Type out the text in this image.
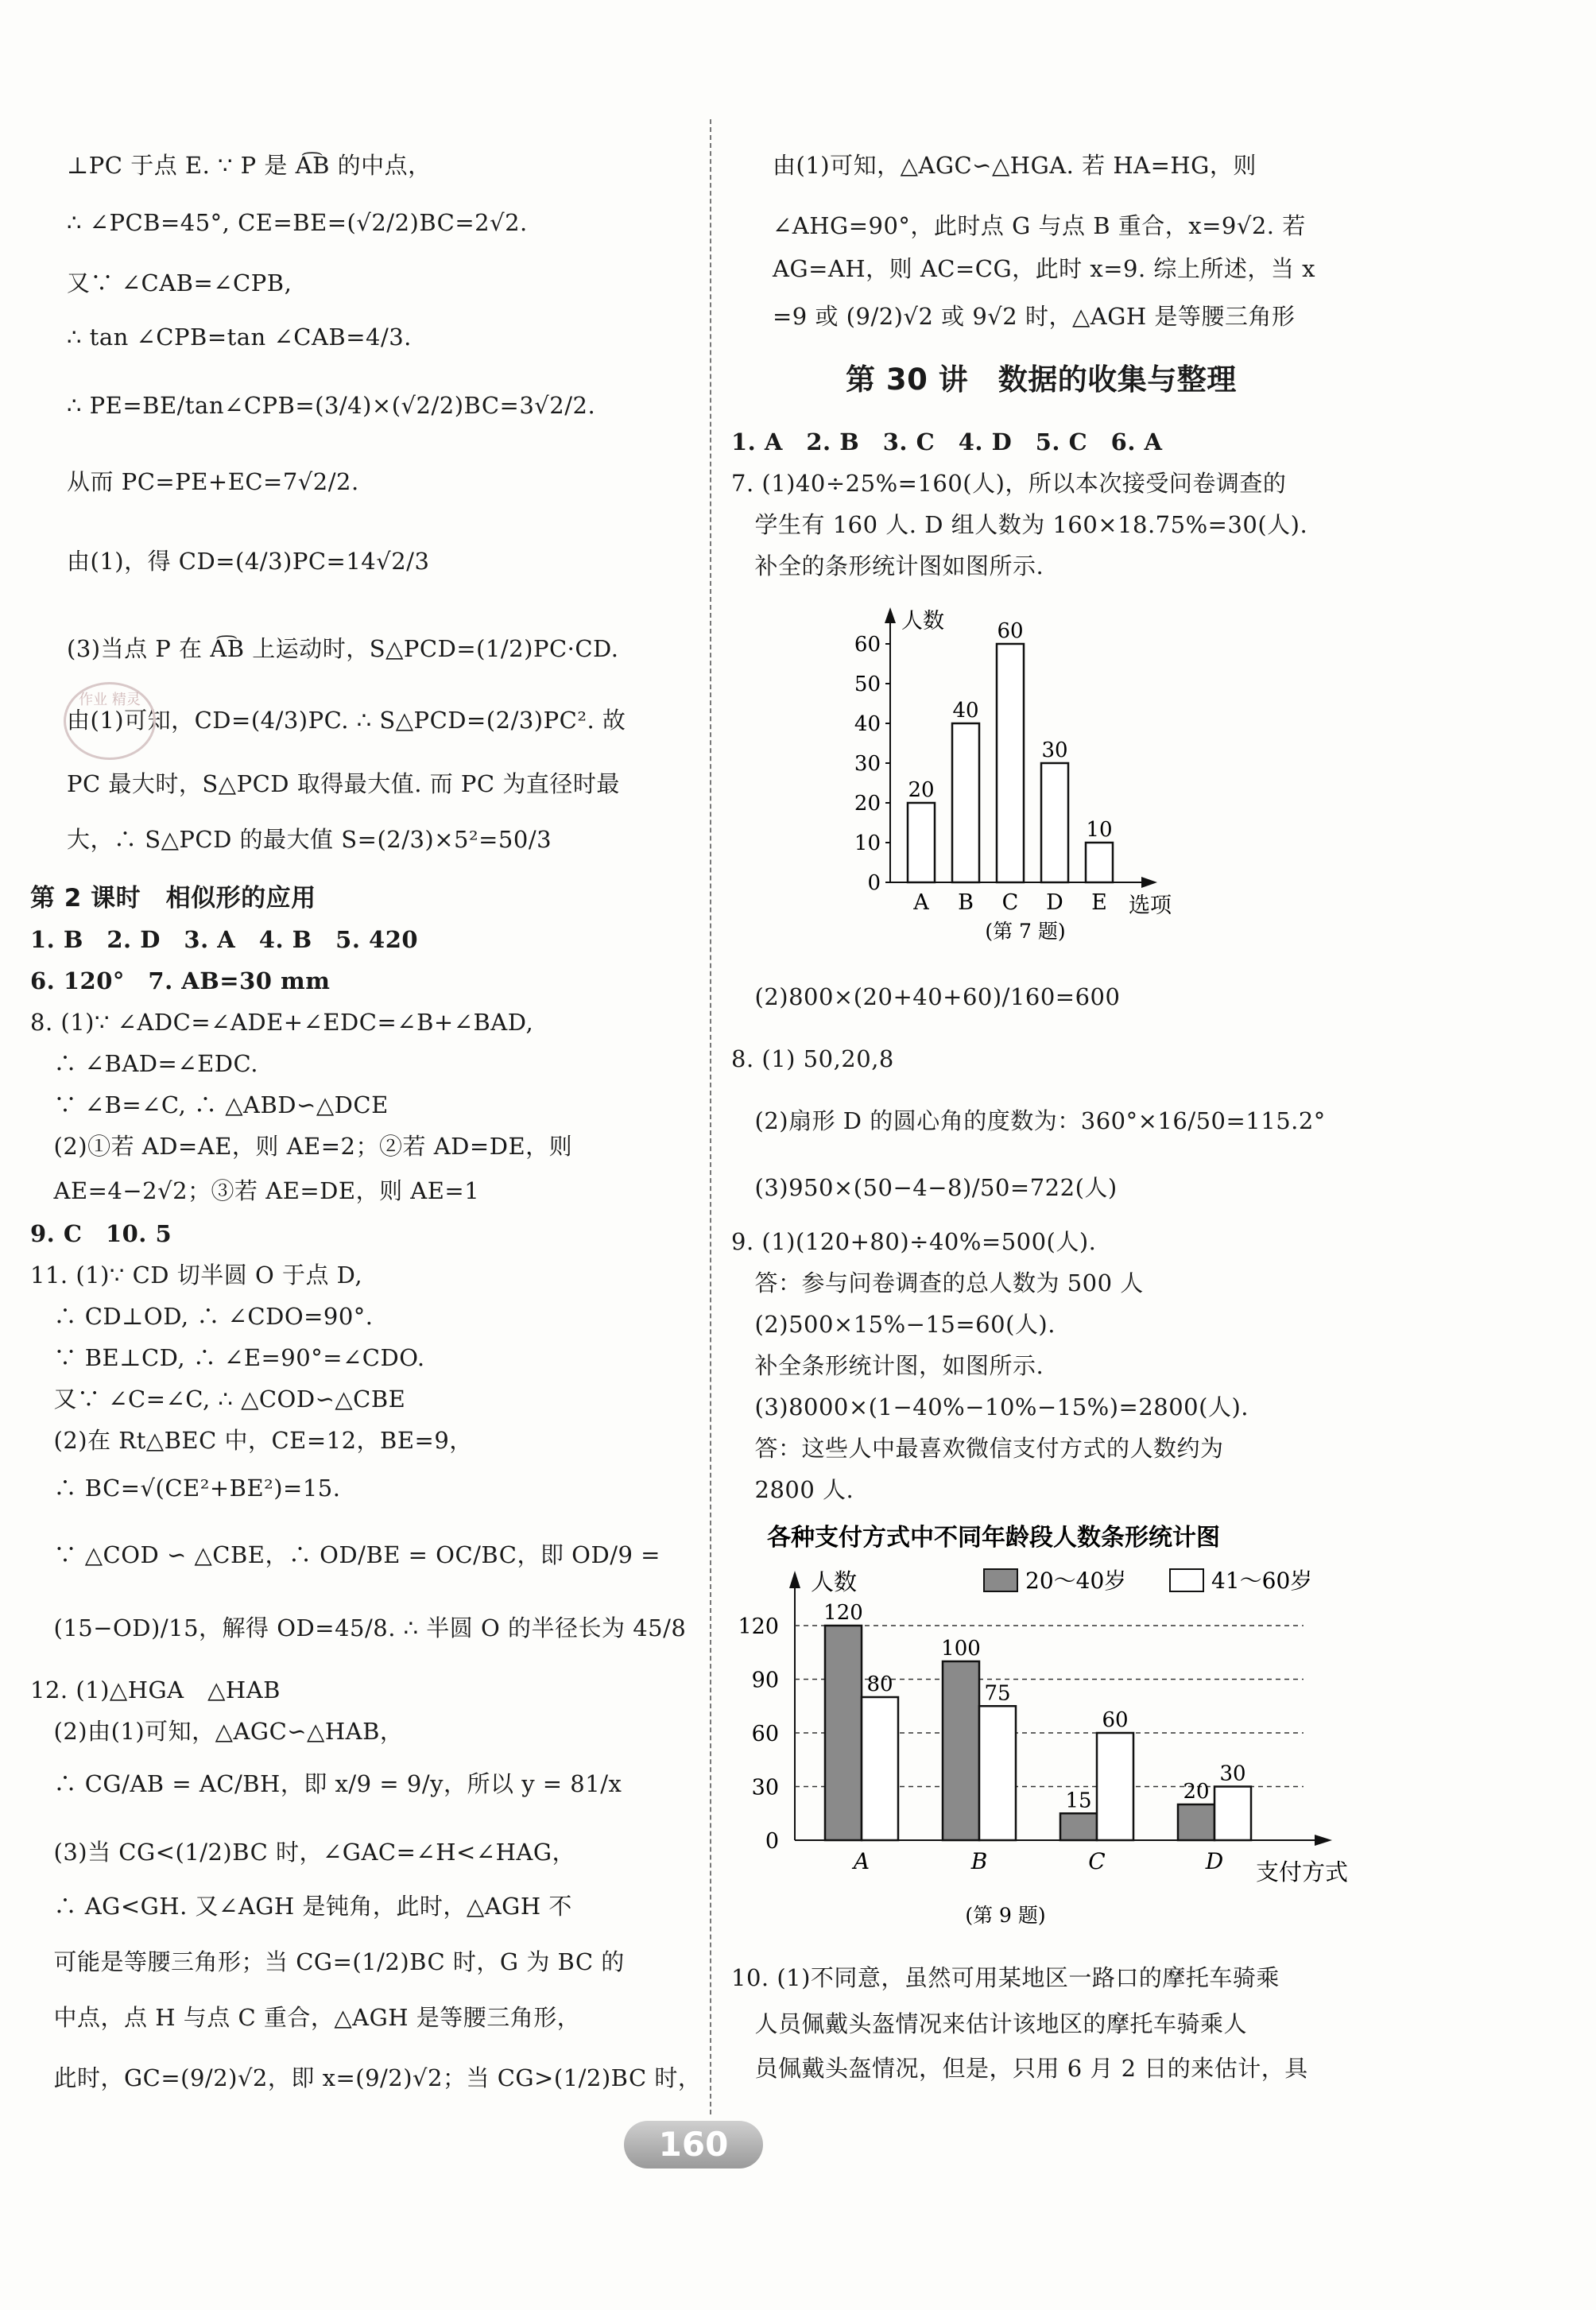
⊥PC 于点 E. ∵ P 是 A͡B 的中点，
∴ ∠PCB=45°, CE=BE=(√2/2)BC=2√2.
又∵ ∠CAB=∠CPB,
∴ tan ∠CPB=tan ∠CAB=4/3.
∴ PE=BE/tan∠CPB=(3/4)×(√2/2)BC=3√2/2.
从而 PC=PE+EC=7√2/2.
由(1)，得 CD=(4/3)PC=14√2/3
(3)当点 P 在 A͡B 上运动时，S△PCD=(1/2)PC·CD.
由(1)可知，CD=(4/3)PC. ∴ S△PCD=(2/3)PC². 故
PC 最大时，S△PCD 取得最大值. 而 PC 为直径时最
大，∴ S△PCD 的最大值 S=(2/3)×5²=50/3
第 2 课时　相似形的应用
1. B　2. D　3. A　4. B　5. 420
6. 120°　7. AB=30 mm
8. (1)∵ ∠ADC=∠ADE+∠EDC=∠B+∠BAD,
　∴ ∠BAD=∠EDC.
　∵ ∠B=∠C, ∴ △ABD∽△DCE
　(2)①若 AD=AE，则 AE=2；②若 AD=DE，则
　AE=4−2√2；③若 AE=DE，则 AE=1
9. C　10. 5
11. (1)∵ CD 切半圆 O 于点 D,
　∴ CD⊥OD, ∴ ∠CDO=90°.
　∵ BE⊥CD, ∴ ∠E=90°=∠CDO.
　又∵ ∠C=∠C, ∴ △COD∽△CBE
　(2)在 Rt△BEC 中，CE=12，BE=9，
　∴ BC=√(CE²+BE²)=15.
　∵ △COD ∽ △CBE，∴ OD/BE = OC/BC，即 OD/9 =
　(15−OD)/15，解得 OD=45/8. ∴ 半圆 O 的半径长为 45/8
12. (1)△HGA　△HAB
　(2)由(1)可知，△AGC∽△HAB，
　∴ CG/AB = AC/BH，即 x/9 = 9/y，所以 y = 81/x
　(3)当 CG<(1/2)BC 时，∠GAC=∠H<∠HAG，
　∴ AG<GH. 又∠AGH 是钝角，此时，△AGH 不
　可能是等腰三角形；当 CG=(1/2)BC 时，G 为 BC 的
　中点，点 H 与点 C 重合，△AGH 是等腰三角形，
　此时，GC=(9/2)√2，即 x=(9/2)√2；当 CG>(1/2)BC 时，
作业 精灵
由(1)可知，△AGC∽△HGA. 若 HA=HG，则
∠AHG=90°，此时点 G 与点 B 重合，x=9√2. 若
AG=AH，则 AC=CG，此时 x=9. 综上所述，当 x
=9 或 (9/2)√2 或 9√2 时，△AGH 是等腰三角形
第 30 讲　数据的收集与整理
1. A　2. B　3. C　4. D　5. C　6. A
7. (1)40÷25%=160(人)，所以本次接受问卷调查的
　学生有 160 人. D 组人数为 160×18.75%=30(人).
　补全的条形统计图如图所示.
人数
选项
0
10
20
30
40
50
60
20
A
40
B
60
C
30
D
10
E
(第 7 题)
　(2)800×(20+40+60)/160=600
8. (1) 50,20,8
　(2)扇形 D 的圆心角的度数为：360°×16/50=115.2°
　(3)950×(50−4−8)/50=722(人)
9. (1)(120+80)÷40%=500(人).
　答：参与问卷调查的总人数为 500 人
　(2)500×15%−15=60(人).
　补全条形统计图，如图所示.
　(3)8000×(1−40%−10%−15%)=2800(人).
　答：这些人中最喜欢微信支付方式的人数约为
　2800 人.
各种支付方式中不同年龄段人数条形统计图
20～40岁	41～60岁
人数
支付方式
0
30
60
90
120
120
80
A
100
75
B
15
60
C
20
30
D
(第 9 题)
10. (1)不同意，虽然可用某地区一路口的摩托车骑乘
　人员佩戴头盔情况来估计该地区的摩托车骑乘人
　员佩戴头盔情况，但是，只用 6 月 2 日的来估计，具
160
